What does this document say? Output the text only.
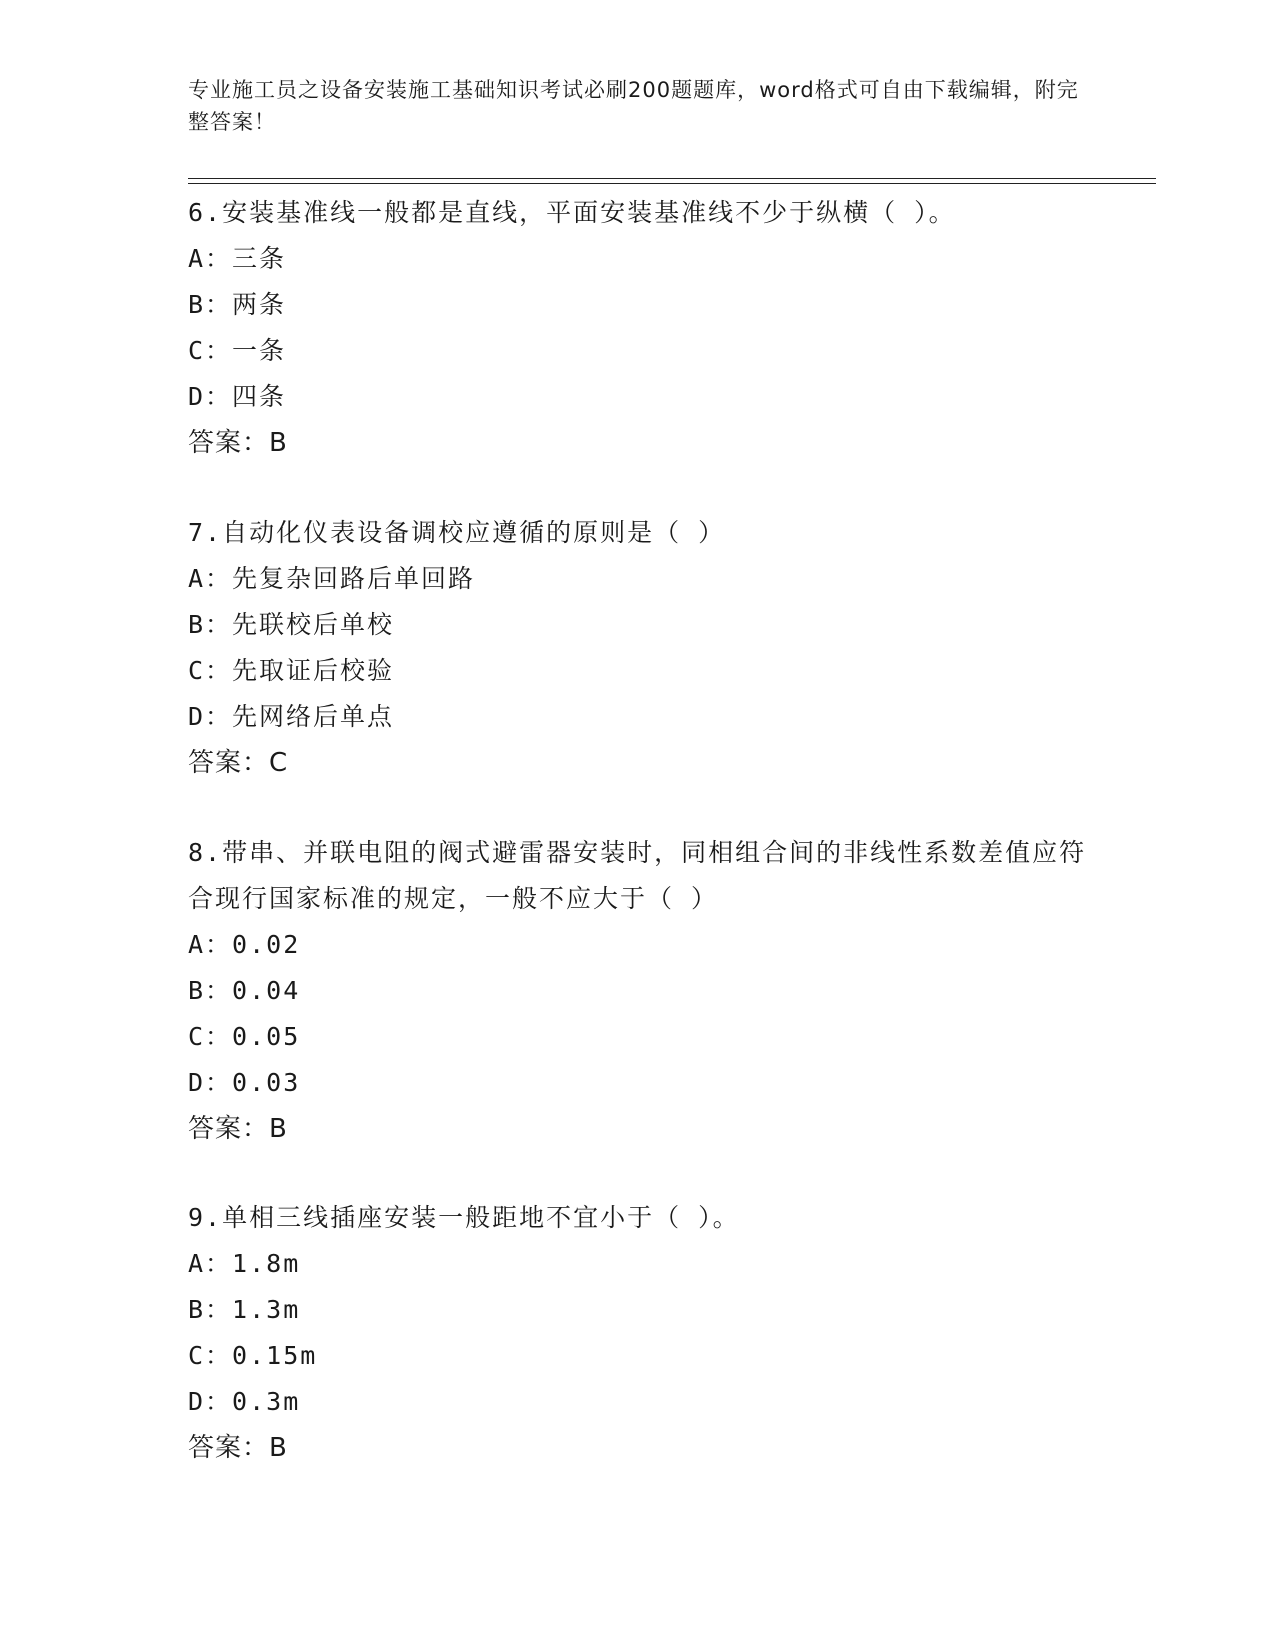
专业施工员之设备安装施工基础知识考试必刷200题题库，word格式可自由下载编辑，附完整答案！
6.安装基准线一般都是直线，平面安装基准线不少于纵横（ ）。
A：三条
B：两条
C：一条
D：四条
答案：B
7.自动化仪表设备调校应遵循的原则是（ ）
A：先复杂回路后单回路
B：先联校后单校
C：先取证后校验
D：先网络后单点
答案：C
8.带串、并联电阻的阀式避雷器安装时，同相组合间的非线性系数差值应符合现行国家标准的规定，一般不应大于（ ）
A：0.02
B：0.04
C：0.05
D：0.03
答案：B
9.单相三线插座安装一般距地不宜小于（ ）。
A：1.8m
B：1.3m
C：0.15m
D：0.3m
答案：B
